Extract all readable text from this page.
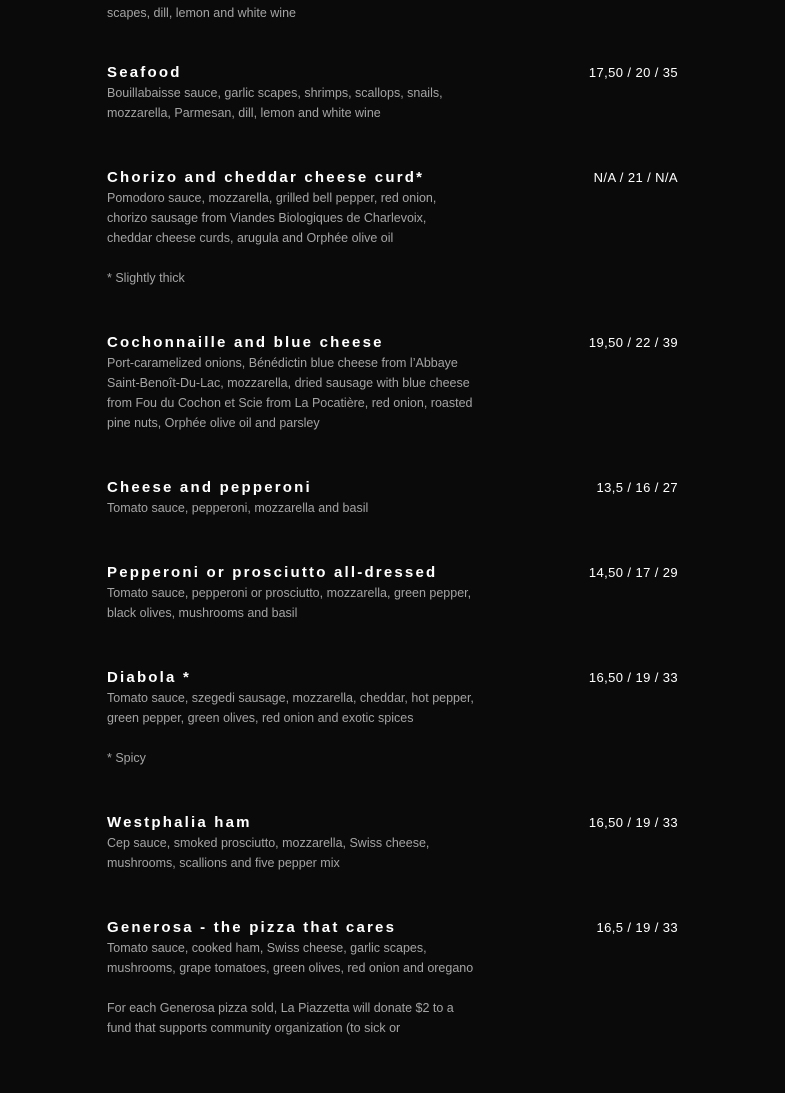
scapes, dill, lemon and white wine

Seafood	17,50 / 20 / 35

Bouillabaisse sauce, garlic scapes, shrimps, scallops, snails, mozzarella, Parmesan, dill, lemon and white wine

Chorizo and cheddar cheese curd*	N/A / 21 / N/A

Pomodoro sauce, mozzarella, grilled bell pepper, red onion, chorizo sausage from Viandes Biologiques de Charlevoix, cheddar cheese curds, arugula and Orphée olive oil

* Slightly thick

Cochonnaille and blue cheese	19,50 / 22 / 39

Port-caramelized onions, Bénédictin blue cheese from l’Abbaye Saint-Benoît-Du-Lac, mozzarella, dried sausage with blue cheese from Fou du Cochon et Scie from La Pocatière, red onion, roasted pine nuts, Orphée olive oil and parsley

Cheese and pepperoni	13,5 / 16 / 27

Tomato sauce, pepperoni, mozzarella and basil

Pepperoni or prosciutto all-dressed	14,50 / 17 / 29

Tomato sauce, pepperoni or prosciutto, mozzarella, green pepper, black olives, mushrooms and basil

Diabola *	16,50 / 19 / 33

Tomato sauce, szegedi sausage, mozzarella, cheddar, hot pepper, green pepper, green olives, red onion and exotic spices

* Spicy

Westphalia ham	16,50 / 19 / 33

Cep sauce, smoked prosciutto, mozzarella, Swiss cheese, mushrooms, scallions and five pepper mix

Generosa - the pizza that cares	16,5 / 19 / 33

Tomato sauce, cooked ham, Swiss cheese, garlic scapes, mushrooms, grape tomatoes, green olives, red onion and oregano

For each Generosa pizza sold, La Piazzetta will donate $2 to a fund that supports community organization (to sick or
